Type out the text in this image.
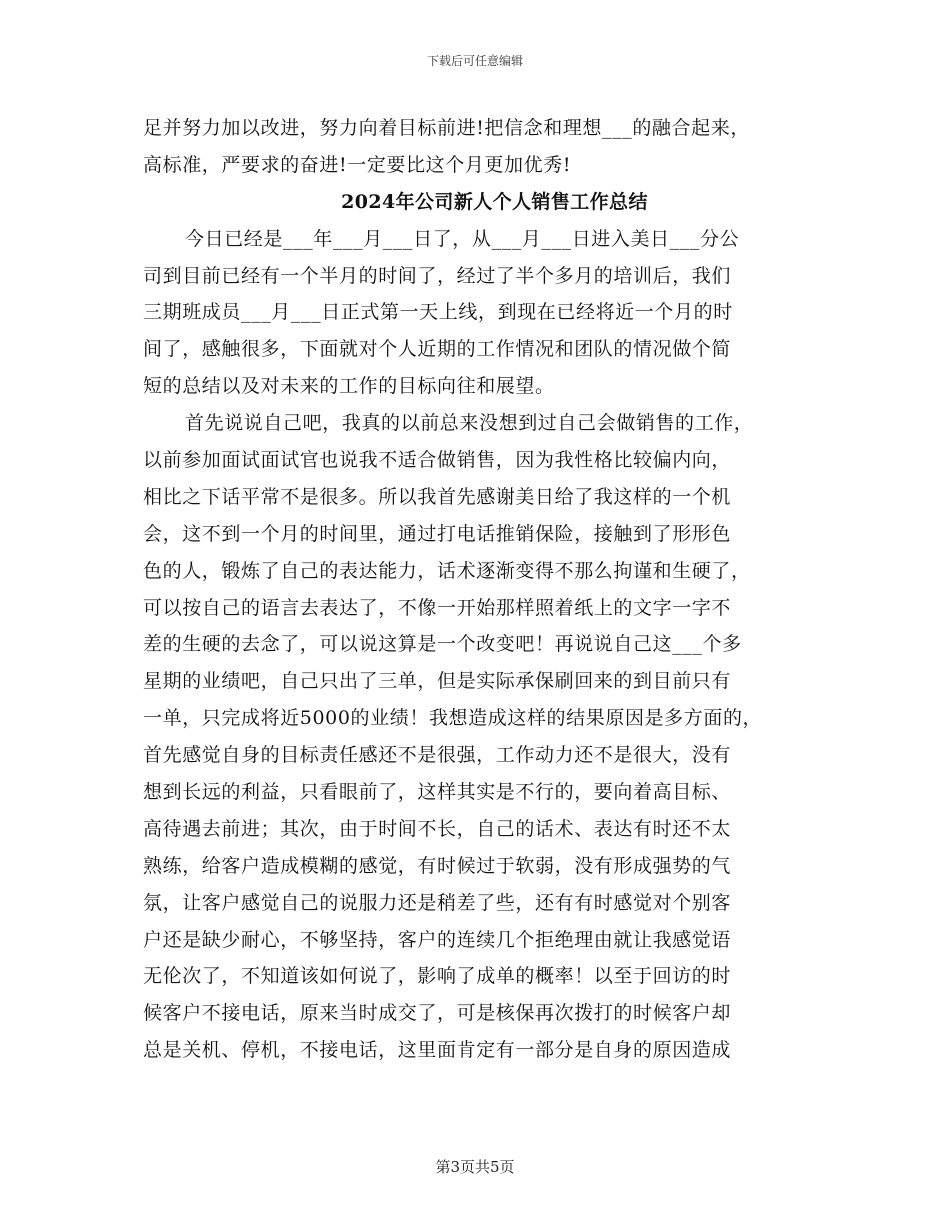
下载后可任意编辑
足并努力加以改进，努力向着目标前进!把信念和理想___的融合起来，
高标准，严要求的奋进!一定要比这个月更加优秀!
2024年公司新人个人销售工作总结
今日已经是___年___月___日了，从___月___日进入美日___分公
司到目前已经有一个半月的时间了，经过了半个多月的培训后，我们
三期班成员___月___日正式第一天上线，到现在已经将近一个月的时
间了，感触很多，下面就对个人近期的工作情况和团队的情况做个简
短的总结以及对未来的工作的目标向往和展望。
首先说说自己吧，我真的以前总来没想到过自己会做销售的工作，
以前参加面试面试官也说我不适合做销售，因为我性格比较偏内向，
相比之下话平常不是很多。所以我首先感谢美日给了我这样的一个机
会，这不到一个月的时间里，通过打电话推销保险，接触到了形形色
色的人，锻炼了自己的表达能力，话术逐渐变得不那么拘谨和生硬了，
可以按自己的语言去表达了，不像一开始那样照着纸上的文字一字不
差的生硬的去念了，可以说这算是一个改变吧！再说说自己这___个多
星期的业绩吧，自己只出了三单，但是实际承保刷回来的到目前只有
一单，只完成将近5000的业绩！我想造成这样的结果原因是多方面的，
首先感觉自身的目标责任感还不是很强，工作动力还不是很大，没有
想到长远的利益，只看眼前了，这样其实是不行的，要向着高目标、
高待遇去前进；其次，由于时间不长，自己的话术、表达有时还不太
熟练，给客户造成模糊的感觉，有时候过于软弱，没有形成强势的气
氛，让客户感觉自己的说服力还是稍差了些，还有有时感觉对个别客
户还是缺少耐心，不够坚持，客户的连续几个拒绝理由就让我感觉语
无伦次了，不知道该如何说了，影响了成单的概率！以至于回访的时
候客户不接电话，原来当时成交了，可是核保再次拨打的时候客户却
总是关机、停机，不接电话，这里面肯定有一部分是自身的原因造成
第3页共5页
